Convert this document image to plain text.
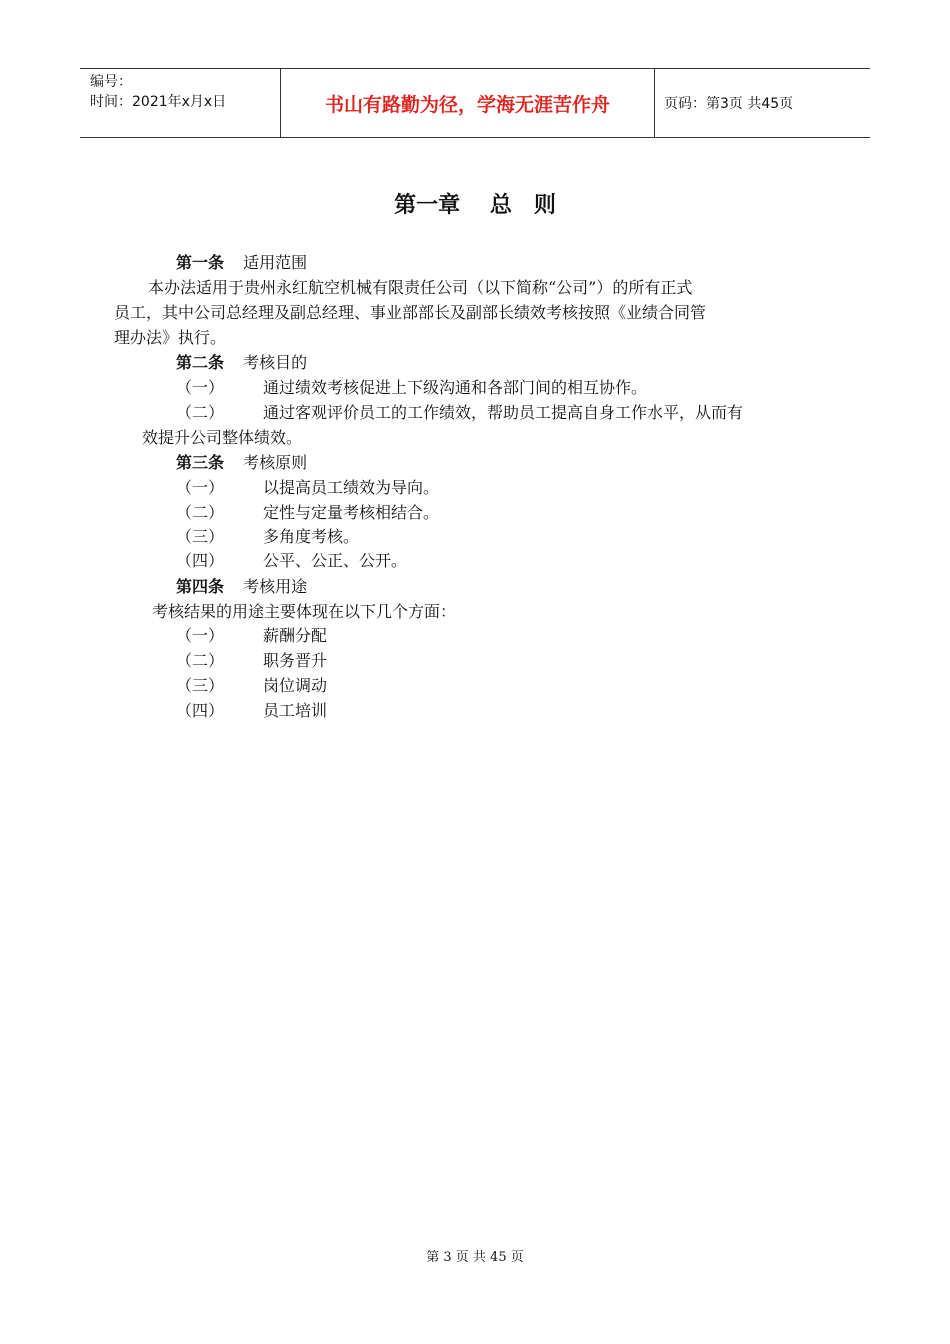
编号：
时间：2021年x月x日	书山有路勤为径，学海无涯苦作舟	页码：第3页 共45页
第一章　 总　则
第一条 适用范围
本办法适用于贵州永红航空机械有限责任公司（以下简称“公司”）的所有正式
员工，其中公司总经理及副总经理、事业部部长及副部长绩效考核按照《业绩合同管
理办法》执行。
第二条 考核目的
（一） 通过绩效考核促进上下级沟通和各部门间的相互协作。
（二） 通过客观评价员工的工作绩效，帮助员工提高自身工作水平，从而有
效提升公司整体绩效。
第三条 考核原则
（一） 以提高员工绩效为导向。
（二） 定性与定量考核相结合。
（三） 多角度考核。
（四） 公平、公正、公开。
第四条 考核用途
考核结果的用途主要体现在以下几个方面：
（一） 薪酬分配
（二） 职务晋升
（三） 岗位调动
（四） 员工培训
第 3 页 共 45 页
